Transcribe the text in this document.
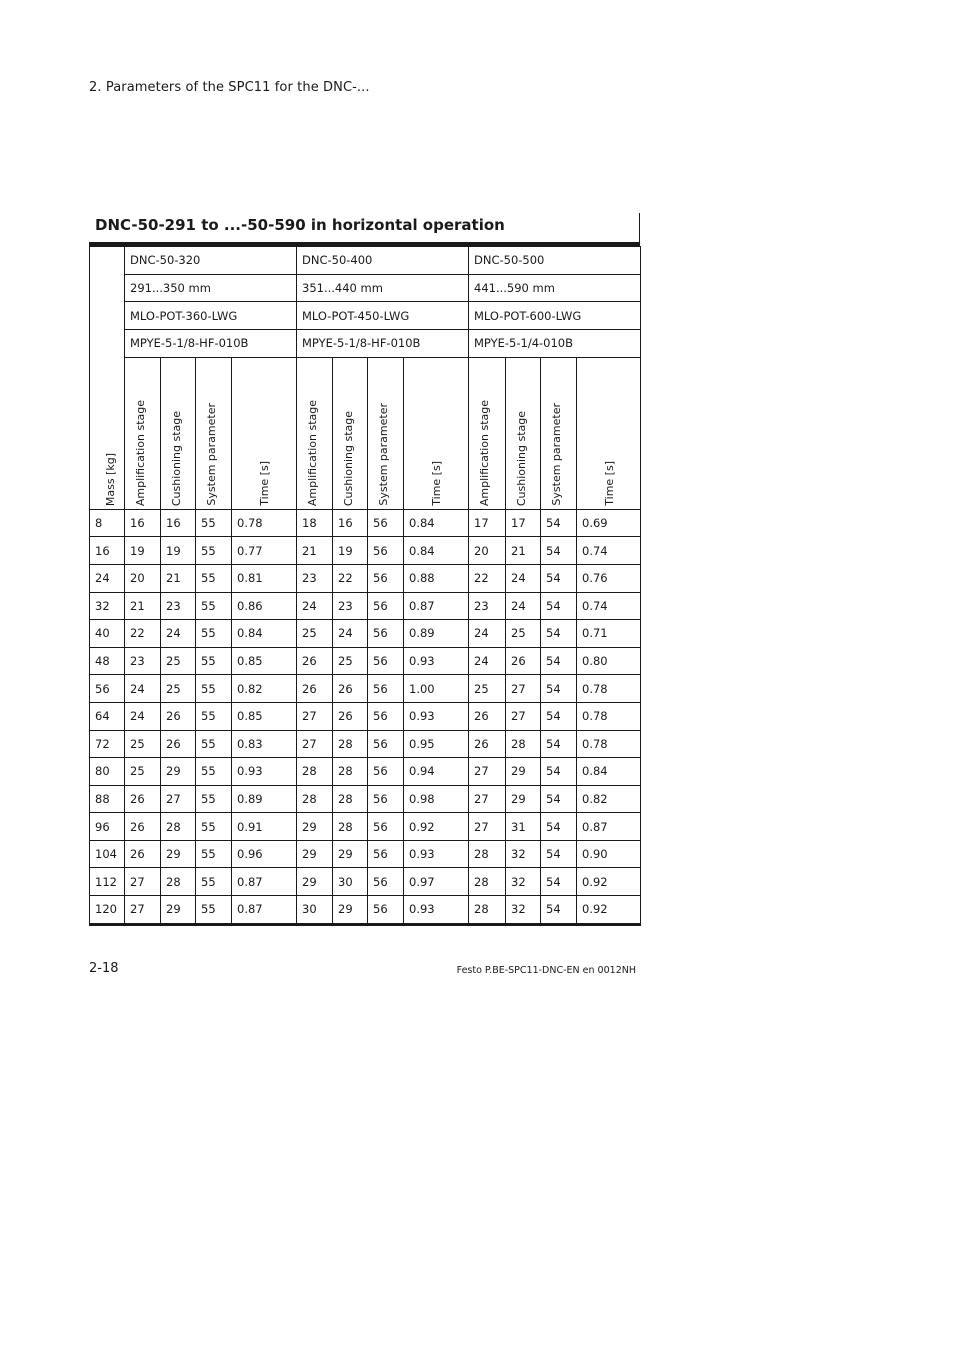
2. Parameters of the SPC11 for the DNC-...
DNC-50-291 to ...-50-590 in horizontal operation
Mass [kg]	DNC-50-320				DNC-50-400				DNC-50-500			
	291...350 mm				351...440 mm				441...590 mm			
	MLO-POT-360-LWG				MLO-POT-450-LWG				MLO-POT-600-LWG			
	MPYE-5-1/8-HF-010B				MPYE-5-1/8-HF-010B				MPYE-5-1/4-010B			
	Amplification stage	Cushioning stage	System parameter	Time [s]	Amplification stage	Cushioning stage	System parameter	Time [s]	Amplification stage	Cushioning stage	System parameter	Time [s]
8	16	16	55	0.78	18	16	56	0.84	17	17	54	0.69
16	19	19	55	0.77	21	19	56	0.84	20	21	54	0.74
24	20	21	55	0.81	23	22	56	0.88	22	24	54	0.76
32	21	23	55	0.86	24	23	56	0.87	23	24	54	0.74
40	22	24	55	0.84	25	24	56	0.89	24	25	54	0.71
48	23	25	55	0.85	26	25	56	0.93	24	26	54	0.80
56	24	25	55	0.82	26	26	56	1.00	25	27	54	0.78
64	24	26	55	0.85	27	26	56	0.93	26	27	54	0.78
72	25	26	55	0.83	27	28	56	0.95	26	28	54	0.78
80	25	29	55	0.93	28	28	56	0.94	27	29	54	0.84
88	26	27	55	0.89	28	28	56	0.98	27	29	54	0.82
96	26	28	55	0.91	29	28	56	0.92	27	31	54	0.87
104	26	29	55	0.96	29	29	56	0.93	28	32	54	0.90
112	27	28	55	0.87	29	30	56	0.97	28	32	54	0.92
120	27	29	55	0.87	30	29	56	0.93	28	32	54	0.92
2-18	Festo P.BE-SPC11-DNC-EN en 0012NH
